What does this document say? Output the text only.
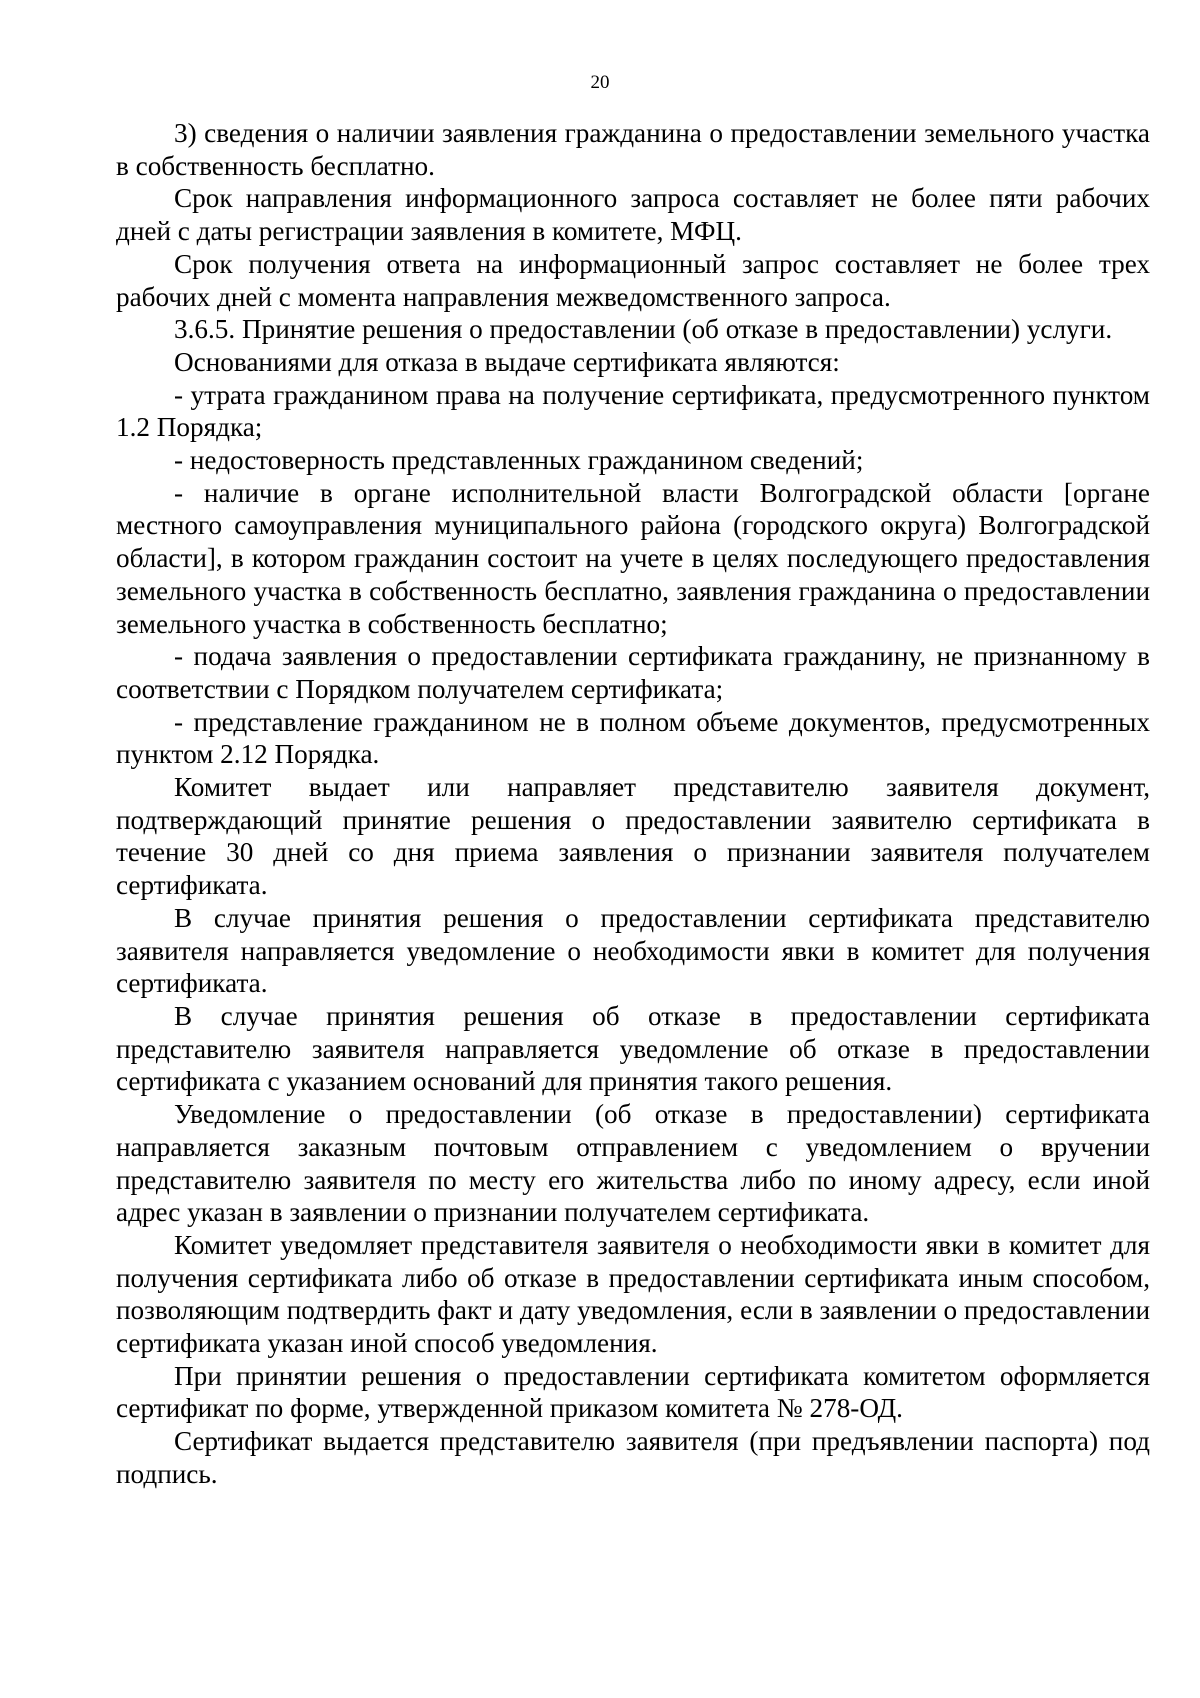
20

3) сведения о наличии заявления гражданина о предоставлении земельного участка в собственность бесплатно.

Срок направления информационного запроса составляет не более пяти рабочих дней с даты регистрации заявления в комитете, МФЦ.

Срок получения ответа на информационный запрос составляет не более трех рабочих дней с момента направления межведомственного запроса.

3.6.5. Принятие решения о предоставлении (об отказе в предоставлении) услуги.

Основаниями для отказа в выдаче сертификата являются:

- утрата гражданином права на получение сертификата, предусмотренного пунктом 1.2 Порядка;

- недостоверность представленных гражданином сведений;

- наличие в органе исполнительной власти Волгоградской области [органе местного самоуправления муниципального района (городского округа) Волгоградской области], в котором гражданин состоит на учете в целях последующего предоставления земельного участка в собственность бесплатно, заявления гражданина о предоставлении земельного участка в собственность бесплатно;

- подача заявления о предоставлении сертификата гражданину, не признанному в соответствии с Порядком получателем сертификата;

- представление гражданином не в полном объеме документов, предусмотренных пунктом 2.12 Порядка.

Комитет выдает или направляет представителю заявителя документ, подтверждающий принятие решения о предоставлении заявителю сертификата в течение 30 дней со дня приема заявления о признании заявителя получателем сертификата.

В случае принятия решения о предоставлении сертификата представителю заявителя направляется уведомление о необходимости явки в комитет для получения сертификата.

В случае принятия решения об отказе в предоставлении сертификата представителю заявителя направляется уведомление об отказе в предоставлении сертификата с указанием оснований для принятия такого решения.

Уведомление о предоставлении (об отказе в предоставлении) сертификата направляется заказным почтовым отправлением с уведомлением о вручении представителю заявителя по месту его жительства либо по иному адресу, если иной адрес указан в заявлении о признании получателем сертификата.

Комитет уведомляет представителя заявителя о необходимости явки в комитет для получения сертификата либо об отказе в предоставлении сертификата иным способом, позволяющим подтвердить факт и дату уведомления, если в заявлении о предоставлении сертификата указан иной способ уведомления.

При принятии решения о предоставлении сертификата комитетом оформляется сертификат по форме, утвержденной приказом комитета № 278-ОД.

Сертификат выдается представителю заявителя (при предъявлении паспорта) под подпись.
